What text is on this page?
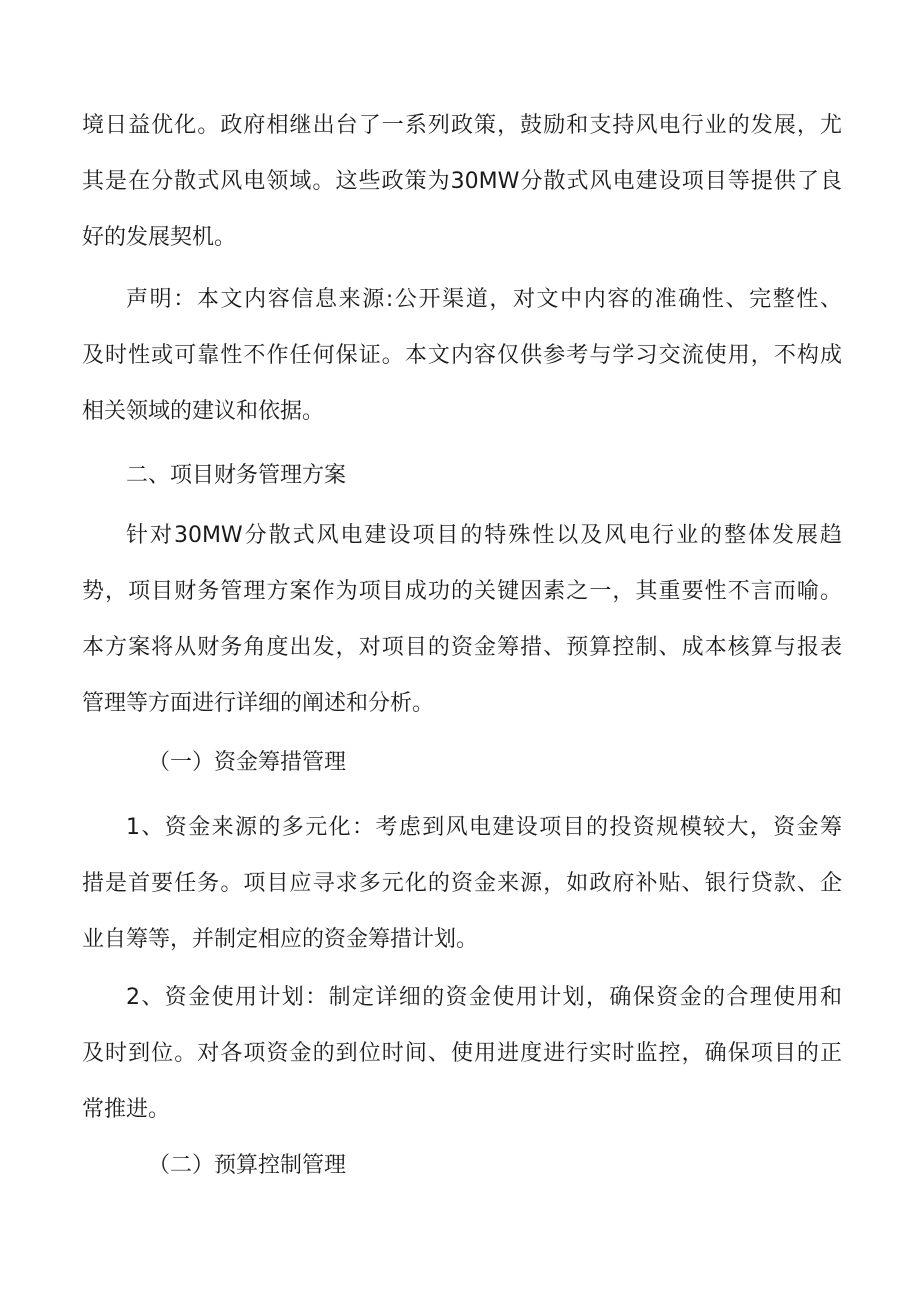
境日益优化。政府相继出台了一系列政策，鼓励和支持风电行业的发展，尤
其是在分散式风电领域。这些政策为30MW分散式风电建设项目等提供了良
好的发展契机。
声明：本文内容信息来源:公开渠道，对文中内容的准确性、完整性、
及时性或可靠性不作任何保证。本文内容仅供参考与学习交流使用，不构成
相关领域的建议和依据。
二、项目财务管理方案
针对30MW分散式风电建设项目的特殊性以及风电行业的整体发展趋
势，项目财务管理方案作为项目成功的关键因素之一，其重要性不言而喻。
本方案将从财务角度出发，对项目的资金筹措、预算控制、成本核算与报表
管理等方面进行详细的阐述和分析。
（一）资金筹措管理
1、资金来源的多元化：考虑到风电建设项目的投资规模较大，资金筹
措是首要任务。项目应寻求多元化的资金来源，如政府补贴、银行贷款、企
业自筹等，并制定相应的资金筹措计划。
2、资金使用计划：制定详细的资金使用计划，确保资金的合理使用和
及时到位。对各项资金的到位时间、使用进度进行实时监控，确保项目的正
常推进。
（二）预算控制管理
